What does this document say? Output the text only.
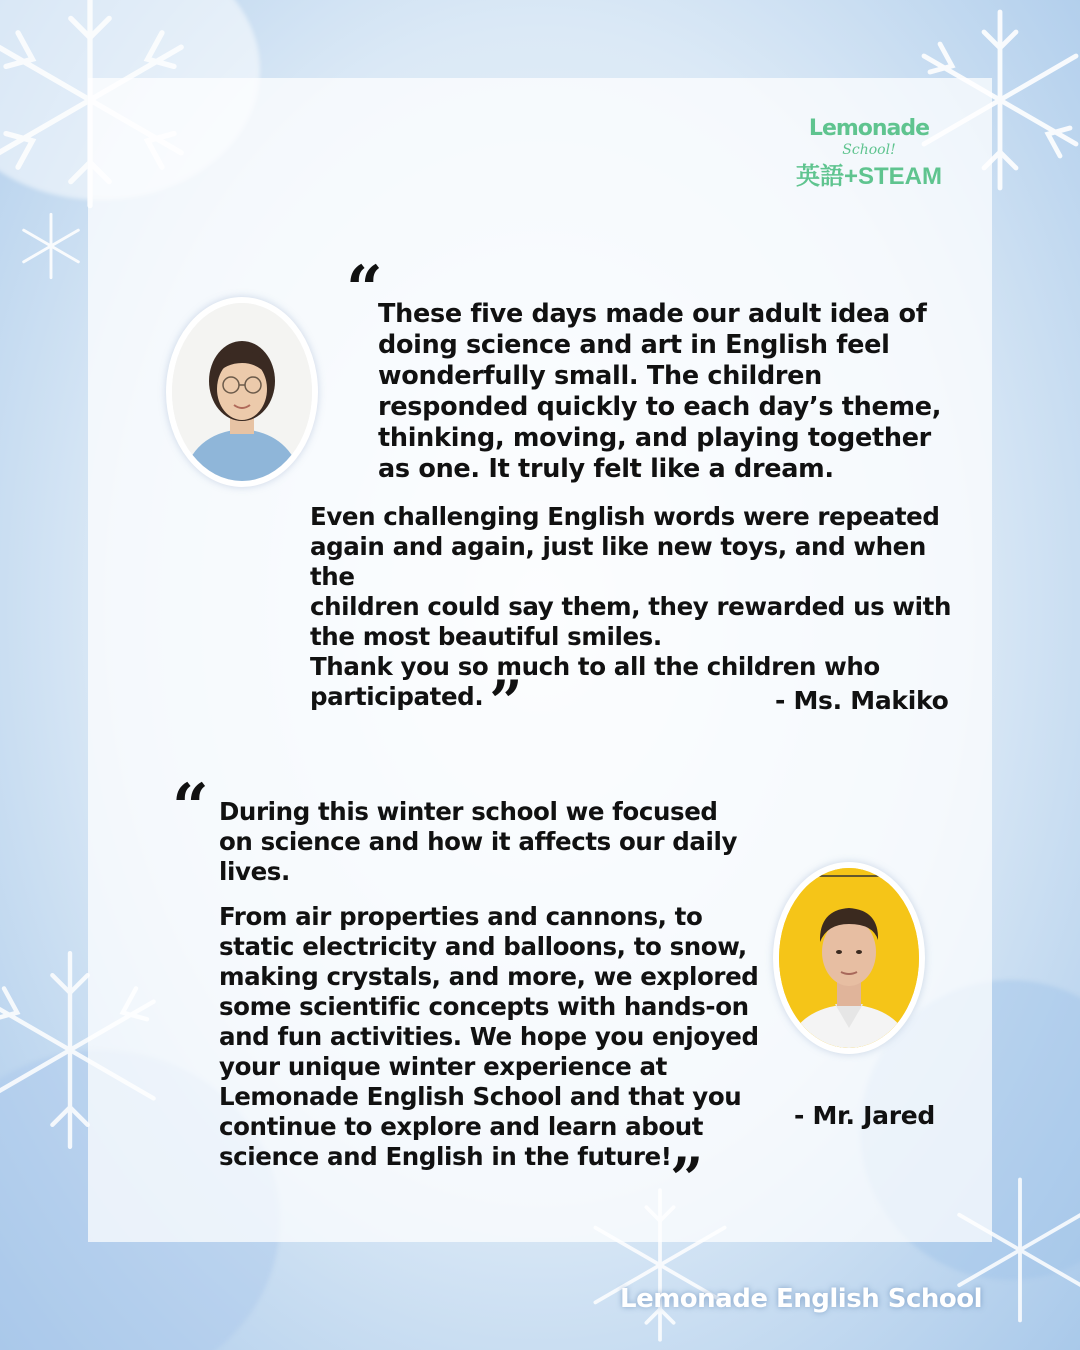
Lemonade
School!
英語+STEAM
“
These five days made our adult idea of doing science and art in English feel wonderfully small. The children responded quickly to each day’s theme, thinking, moving, and playing together as one. It truly felt like a dream.
Even challenging English words were repeated
again and again, just like new toys, and when the
children could say them, they rewarded us with
the most beautiful smiles.
Thank you so much to all the children who
participated. ”	- Ms. Makiko
“ During this winter school we focused on science and how it affects our daily lives.
From air properties and cannons, to static electricity and balloons, to snow, making crystals, and more, we explored some scientific concepts with hands-on and fun activities. We hope you enjoyed your unique winter experience at Lemonade English School and that you continue to explore and learn about science and English in the future!
”
- Mr. Jared
Lemonade English School
